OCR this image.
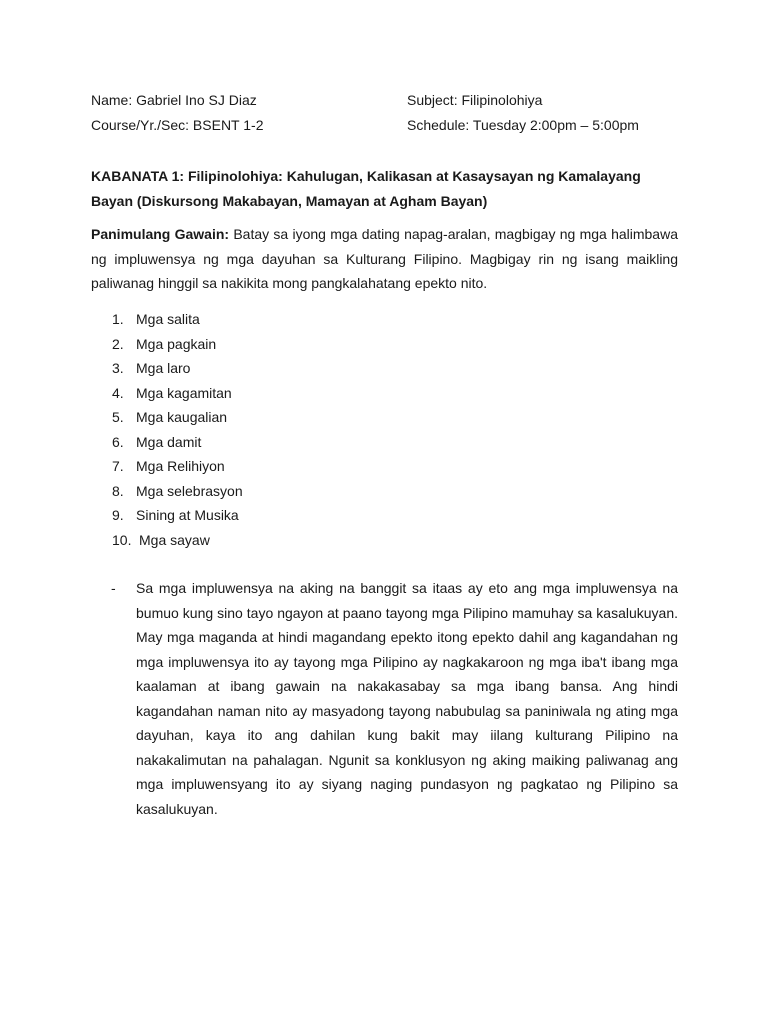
Name: Gabriel Ino SJ Diaz	Subject: Filipinolohiya
Course/Yr./Sec: BSENT 1-2	Schedule: Tuesday 2:00pm – 5:00pm
KABANATA 1: Filipinolohiya: Kahulugan, Kalikasan at Kasaysayan ng Kamalayang Bayan (Diskursong Makabayan, Mamayan at Agham Bayan)
Panimulang Gawain: Batay sa iyong mga dating napag-aralan, magbigay ng mga halimbawa ng impluwensya ng mga dayuhan sa Kulturang Filipino. Magbigay rin ng isang maikling paliwanag hinggil sa nakikita mong pangkalahatang epekto nito.
1. Mga salita
2. Mga pagkain
3. Mga laro
4. Mga kagamitan
5. Mga kaugalian
6. Mga damit
7. Mga Relihiyon
8. Mga selebrasyon
9. Sining at Musika
10. Mga sayaw
- Sa mga impluwensya na aking na banggit sa itaas ay eto ang mga impluwensya na bumuo kung sino tayo ngayon at paano tayong mga Pilipino mamuhay sa kasalukuyan. May mga maganda at hindi magandang epekto itong epekto dahil ang kagandahan ng mga impluwensya ito ay tayong mga Pilipino ay nagkakaroon ng mga iba't ibang mga kaalaman at ibang gawain na nakakasabay sa mga ibang bansa. Ang hindi kagandahan naman nito ay masyadong tayong nabubulag sa paniniwala ng ating mga dayuhan, kaya ito ang dahilan kung bakit may iilang kulturang Pilipino na nakakalimutan na pahalagan. Ngunit sa konklusyon ng aking maiking paliwanag ang mga impluwensyang ito ay siyang naging pundasyon ng pagkatao ng Pilipino sa kasalukuyan.
